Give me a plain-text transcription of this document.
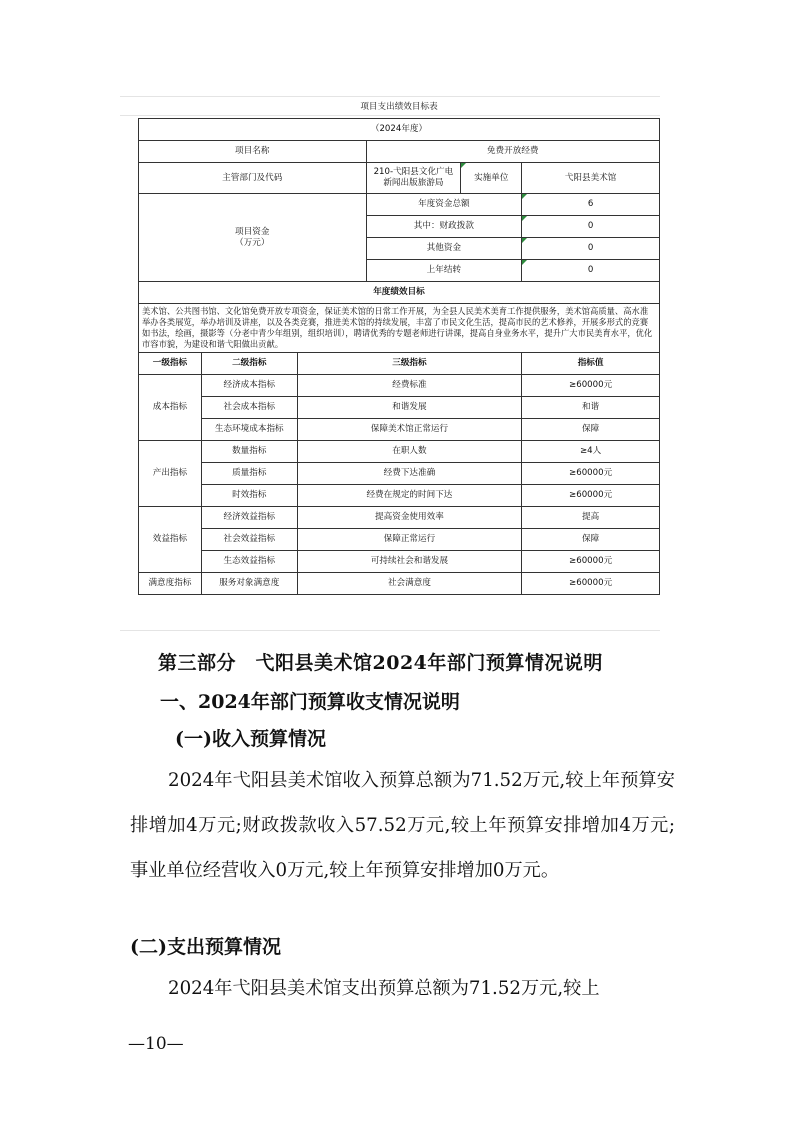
项目支出绩效目标表					
（2024年度）					
项目名称			免费开放经费		
主管部门及代码			210-弋阳县文化广电新闻出版旅游局	实施单位	弋阳县美术馆
项目资金
（万元）			年度资金总额		6
			其中：财政拨款		0
			其他资金		0
			上年结转		0
年度绩效目标					
美术馆、公共图书馆、文化馆免费开放专项资金，保证美术馆的日常工作开展，为全县人民美术美育工作提供服务，美术馆高质量、高水准举办各类展览，举办培训及讲座，以及各类竞赛，推进美术馆的持续发展，丰富了市民文化生活，提高市民的艺术修养，开展多形式的竞赛如书法，绘画，摄影等（分老中青少年组别，组织培训），聘请优秀的专题老师进行讲课，提高自身业务水平，提升广大市民美育水平，优化市容市貌，为建设和谐弋阳做出贡献。					
一级指标	二级指标	三级指标			指标值
成本指标	经济成本指标	经费标准			≥60000元
	社会成本指标	和谐发展			和谐
	生态环境成本指标	保障美术馆正常运行			保障
产出指标	数量指标	在职人数			≥4人
	质量指标	经费下达准确			≥60000元
	时效指标	经费在规定的时间下达			≥60000元
效益指标	经济效益指标	提高资金使用效率			提高
	社会效益指标	保障正常运行			保障
	生态效益指标	可持续社会和谐发展			≥60000元
满意度指标	服务对象满意度	社会满意度			≥60000元
第三部分　弋阳县美术馆2024年部门预算情况说明
一、2024年部门预算收支情况说明
(一)收入预算情况

2024年弋阳县美术馆收入预算总额为71.52万元,较上年预算安排增加4万元;财政拨款收入57.52万元,较上年预算安排增加4万元;事业单位经营收入0万元,较上年预算安排增加0万元。

(二)支出预算情况

2024年弋阳县美术馆支出预算总额为71.52万元,较上

—10—
